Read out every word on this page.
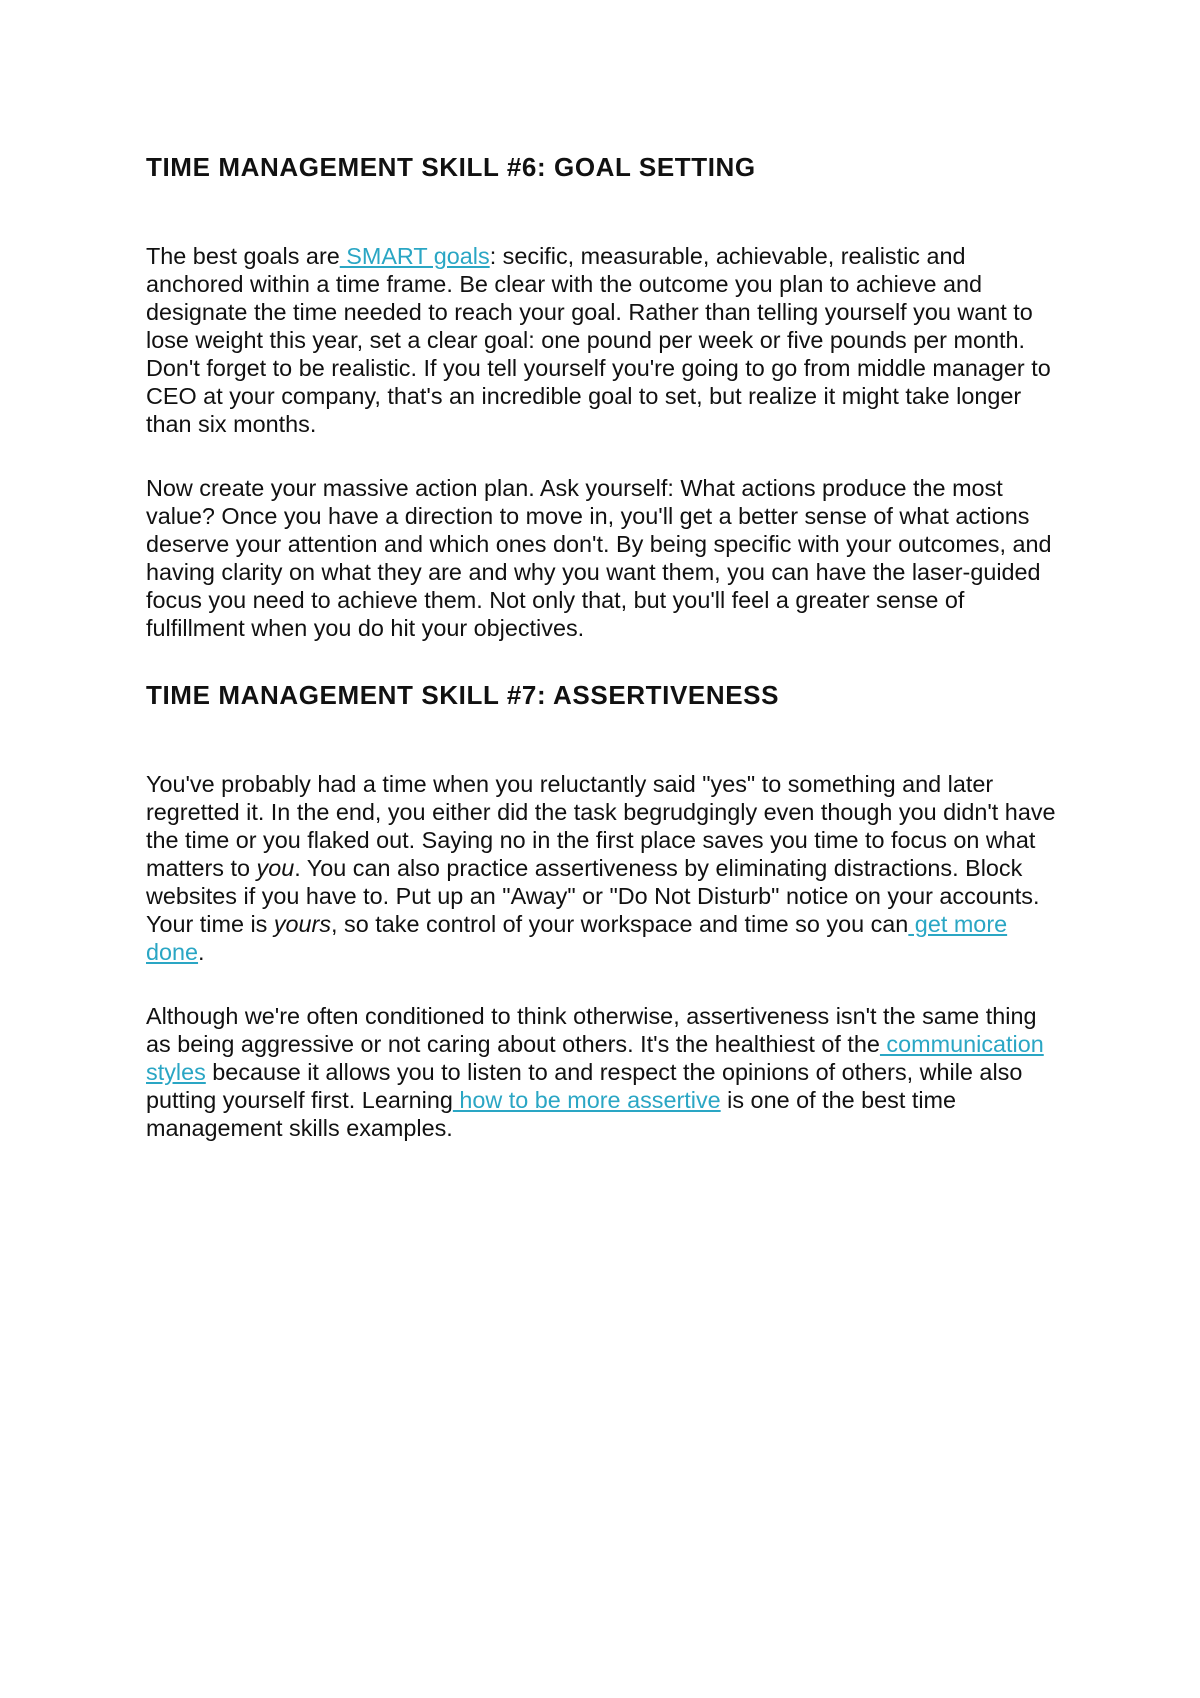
TIME MANAGEMENT SKILL #6: GOAL SETTING

The best goals are SMART goals: secific, measurable, achievable, realistic and anchored within a time frame. Be clear with the outcome you plan to achieve and designate the time needed to reach your goal. Rather than telling yourself you want to lose weight this year, set a clear goal: one pound per week or five pounds per month. Don't forget to be realistic. If you tell yourself you're going to go from middle manager to CEO at your company, that's an incredible goal to set, but realize it might take longer than six months.

Now create your massive action plan. Ask yourself: What actions produce the most value? Once you have a direction to move in, you'll get a better sense of what actions deserve your attention and which ones don't. By being specific with your outcomes, and having clarity on what they are and why you want them, you can have the laser-guided focus you need to achieve them. Not only that, but you'll feel a greater sense of fulfillment when you do hit your objectives.

TIME MANAGEMENT SKILL #7: ASSERTIVENESS

You've probably had a time when you reluctantly said "yes" to something and later regretted it. In the end, you either did the task begrudgingly even though you didn't have the time or you flaked out. Saying no in the first place saves you time to focus on what matters to you. You can also practice assertiveness by eliminating distractions. Block websites if you have to. Put up an "Away" or "Do Not Disturb" notice on your accounts. Your time is yours, so take control of your workspace and time so you can get more done.

Although we're often conditioned to think otherwise, assertiveness isn't the same thing as being aggressive or not caring about others. It's the healthiest of the communication styles because it allows you to listen to and respect the opinions of others, while also putting yourself first. Learning how to be more assertive is one of the best time management skills examples.
